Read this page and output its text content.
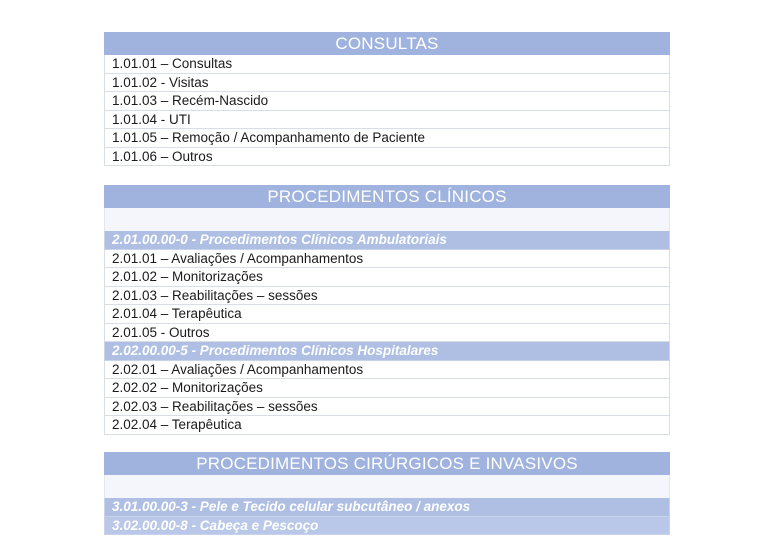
CONSULTAS
1.01.01 – Consultas
1.01.02 - Visitas
1.01.03 – Recém-Nascido
1.01.04 - UTI
1.01.05 – Remoção / Acompanhamento de Paciente
1.01.06 – Outros
PROCEDIMENTOS CLÍNICOS
2.01.00.00-0 - Procedimentos Clínicos Ambulatoriais
2.01.01 – Avaliações / Acompanhamentos
2.01.02 – Monitorizações
2.01.03 – Reabilitações – sessões
2.01.04 – Terapêutica
2.01.05 - Outros
2.02.00.00-5 - Procedimentos Clínicos Hospitalares
2.02.01 – Avaliações / Acompanhamentos
2.02.02 – Monitorizações
2.02.03 – Reabilitações – sessões
2.02.04 – Terapêutica
PROCEDIMENTOS CIRÚRGICOS E INVASIVOS
3.01.00.00-3 - Pele e Tecido celular subcutâneo / anexos
3.02.00.00-8 - Cabeça e Pescoço
